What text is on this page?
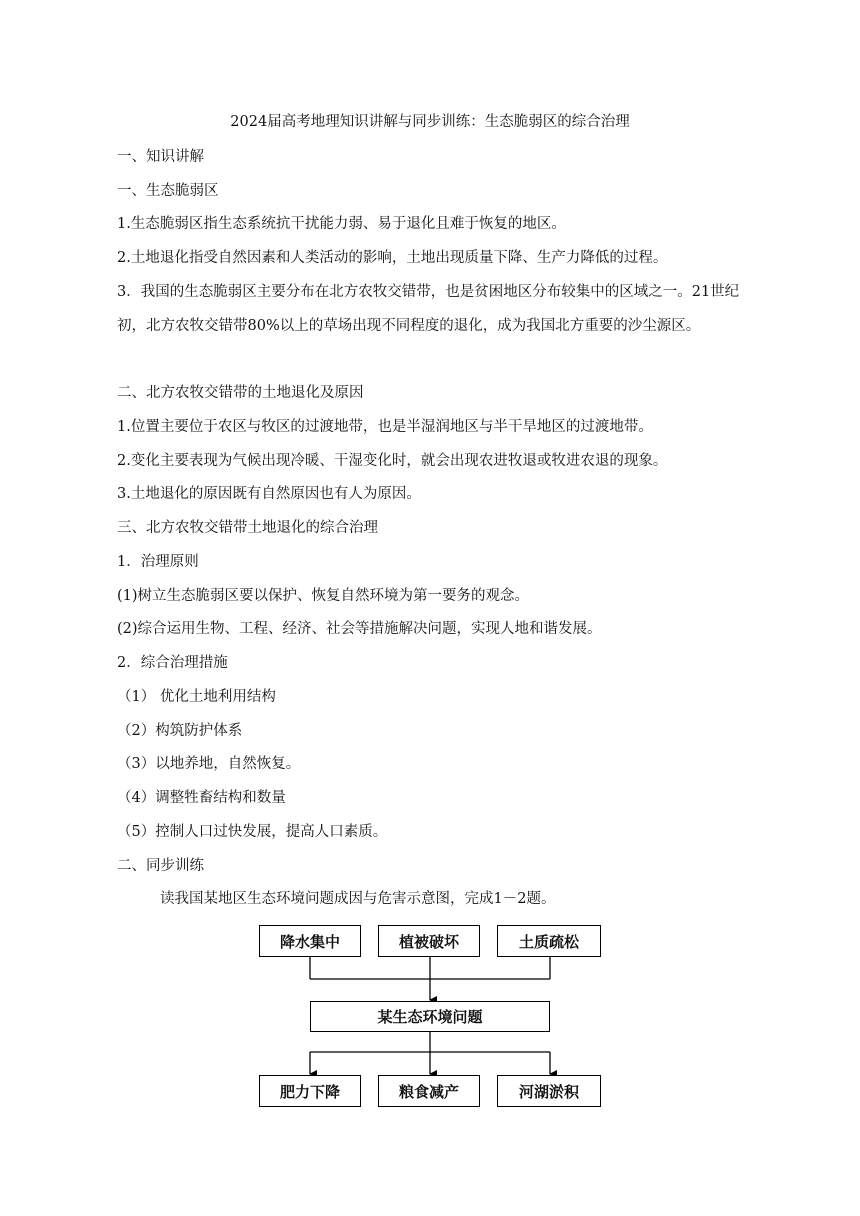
2024届高考地理知识讲解与同步训练：生态脆弱区的综合治理
一、知识讲解
一、生态脆弱区
1.生态脆弱区指生态系统抗干扰能力弱、易于退化且难于恢复的地区。
2.土地退化指受自然因素和人类活动的影响，土地出现质量下降、生产力降低的过程。
3．我国的生态脆弱区主要分布在北方农牧交错带，也是贫困地区分布较集中的区域之一。21世纪初，北方农牧交错带80%以上的草场出现不同程度的退化，成为我国北方重要的沙尘源区。
二、北方农牧交错带的土地退化及原因
1.位置主要位于农区与牧区的过渡地带，也是半湿润地区与半干旱地区的过渡地带。
2.变化主要表现为气候出现冷暖、干湿变化时，就会出现农进牧退或牧进农退的现象。
3.土地退化的原因既有自然原因也有人为原因。
三、北方农牧交错带土地退化的综合治理
1．治理原则
(1)树立生态脆弱区要以保护、恢复自然环境为第一要务的观念。
(2)综合运用生物、工程、经济、社会等措施解决问题，实现人地和谐发展。
2．综合治理措施
（1） 优化土地利用结构
（2）构筑防护体系
（3）以地养地，自然恢复。
（4）调整牲畜结构和数量
（5）控制人口过快发展，提高人口素质。
二、同步训练
读我国某地区生态环境问题成因与危害示意图，完成1－2题。
降水集中	植被破坏	土质疏松
某生态环境问题
肥力下降	粮食减产	河湖淤积
